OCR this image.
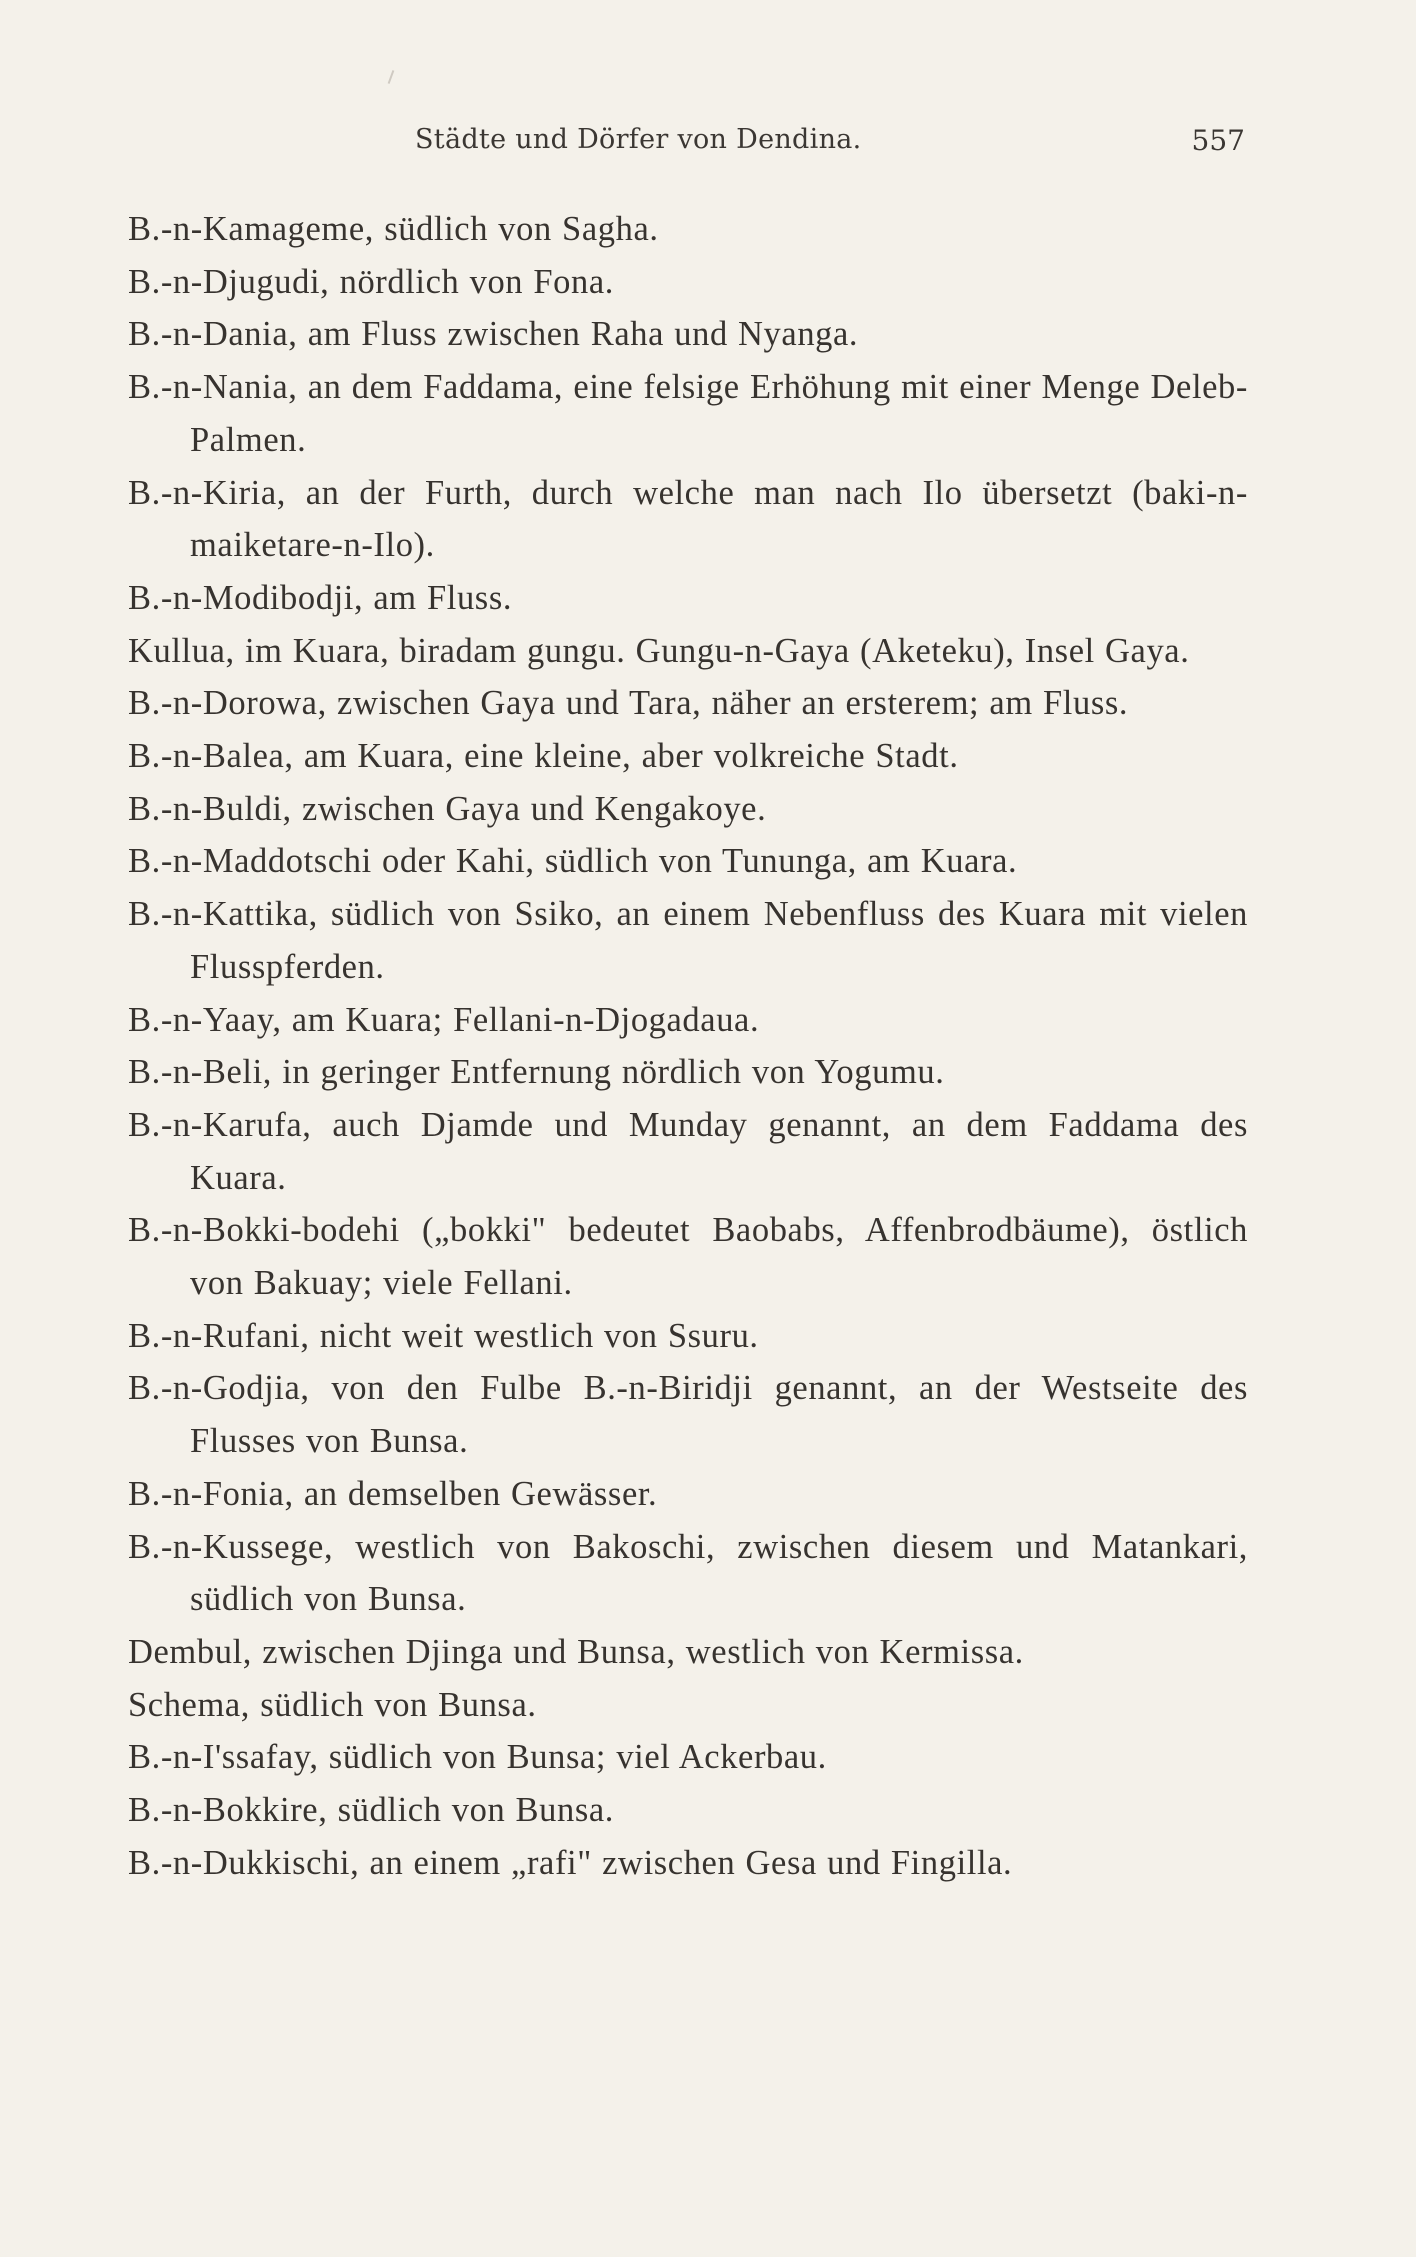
Städte und Dörfer von Dendina.	557
B.-n-Kamageme, südlich von Sagha.
B.-n-Djugudi, nördlich von Fona.
B.-n-Dania, am Fluss zwischen Raha und Nyanga.
B.-n-Nania, an dem Faddama, eine felsige Erhöhung mit einer Menge Deleb-Palmen.
B.-n-Kiria, an der Furth, durch welche man nach Ilo übersetzt (baki-n-maiketare-n-Ilo).
B.-n-Modibodji, am Fluss.
Kullua, im Kuara, biradam gungu. Gungu-n-Gaya (Aketeku), Insel Gaya.
B.-n-Dorowa, zwischen Gaya und Tara, näher an ersterem; am Fluss.
B.-n-Balea, am Kuara, eine kleine, aber volkreiche Stadt.
B.-n-Buldi, zwischen Gaya und Kengakoye.
B.-n-Maddotschi oder Kahi, südlich von Tununga, am Kuara.
B.-n-Kattika, südlich von Ssiko, an einem Nebenfluss des Kuara mit vielen Flusspferden.
B.-n-Yaay, am Kuara; Fellani-n-Djogadaua.
B.-n-Beli, in geringer Entfernung nördlich von Yogumu.
B.-n-Karufa, auch Djamde und Munday genannt, an dem Faddama des Kuara.
B.-n-Bokki-bodehi („bokki" bedeutet Baobabs, Affenbrodbäume), östlich von Bakuay; viele Fellani.
B.-n-Rufani, nicht weit westlich von Ssuru.
B.-n-Godjia, von den Fulbe B.-n-Biridji genannt, an der Westseite des Flusses von Bunsa.
B.-n-Fonia, an demselben Gewässer.
B.-n-Kussege, westlich von Bakoschi, zwischen diesem und Matankari, südlich von Bunsa.
Dembul, zwischen Djinga und Bunsa, westlich von Kermissa.
Schema, südlich von Bunsa.
B.-n-I'ssafay, südlich von Bunsa; viel Ackerbau.
B.-n-Bokkire, südlich von Bunsa.
B.-n-Dukkischi, an einem „rafi" zwischen Gesa und Fingilla.
